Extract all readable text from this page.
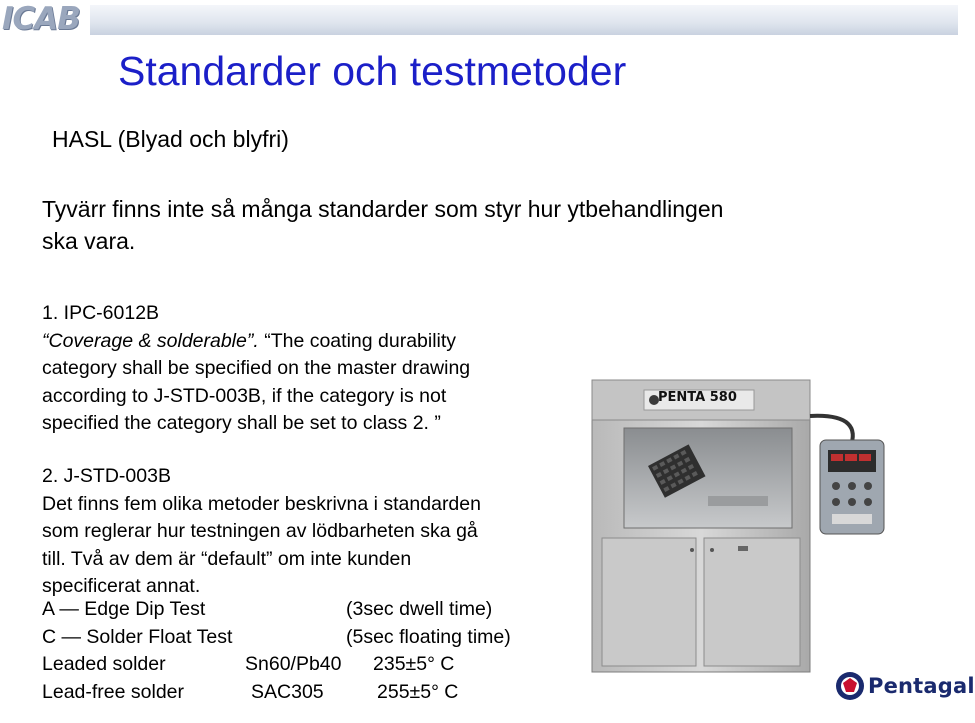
ICAB
Standarder och testmetoder
HASL (Blyad och blyfri)
Tyvärr finns inte så många standarder som styr hur ytbehandlingen
ska vara.
1. IPC-6012B
“Coverage & solderable”. “The coating durability
category shall be specified on the master drawing
according to J-STD-003B, if the category is not
specified the category shall be set to class 2. ”
2. J-STD-003B
Det finns fem olika metoder beskrivna i standarden
som reglerar hur testningen av lödbarheten ska gå
till. Två av dem är “default” om inte kunden
specificerat annat.
A — Edge Dip Test	(3sec dwell time)
C — Solder Float Test	(5sec floating time)
Leaded solder	Sn60/Pb40 235±5° C
Lead-free solder	SAC305	255±5° C
PENTA 580
Pentagal
